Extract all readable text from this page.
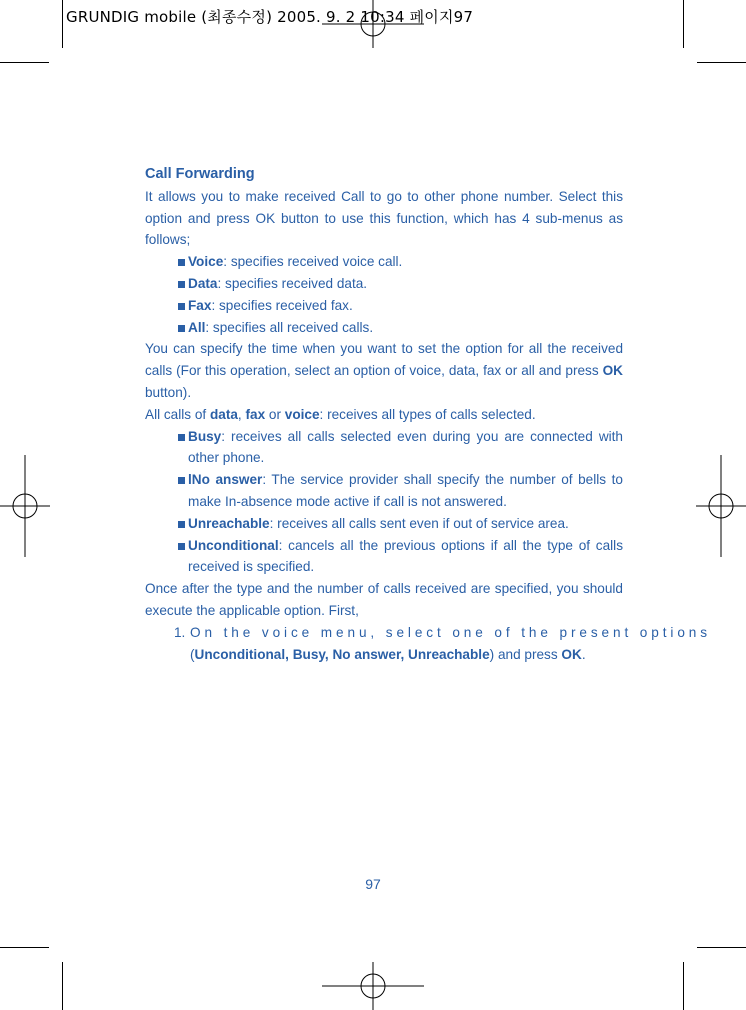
GRUNDIG mobile (최종수정) 2005. 9. 2 10:34 페이지97
Call Forwarding
It allows you to make received Call to go to other phone number. Select this option and press OK button to use this function, which has 4 sub-menus as follows;
Voice: specifies received voice call.
Data: specifies received data.
Fax: specifies received fax.
All: specifies all received calls.
You can specify the time when you want to set the option for all the received calls (For this operation, select an option of voice, data, fax or all and press OK button).
All calls of data, fax or voice: receives all types of calls selected.
Busy: receives all calls selected even during you are connected with other phone.
lNo answer: The service provider shall specify the number of bells to make In-absence mode active if call is not answered.
Unreachable: receives all calls sent even if out of service area.
Unconditional: cancels all the previous options if all the type of calls received is specified.
Once after the type and the number of calls received are specified, you should execute the applicable option. First,
1. On the voice menu, select one of the present options
(Unconditional, Busy, No answer, Unreachable) and press OK.
97
